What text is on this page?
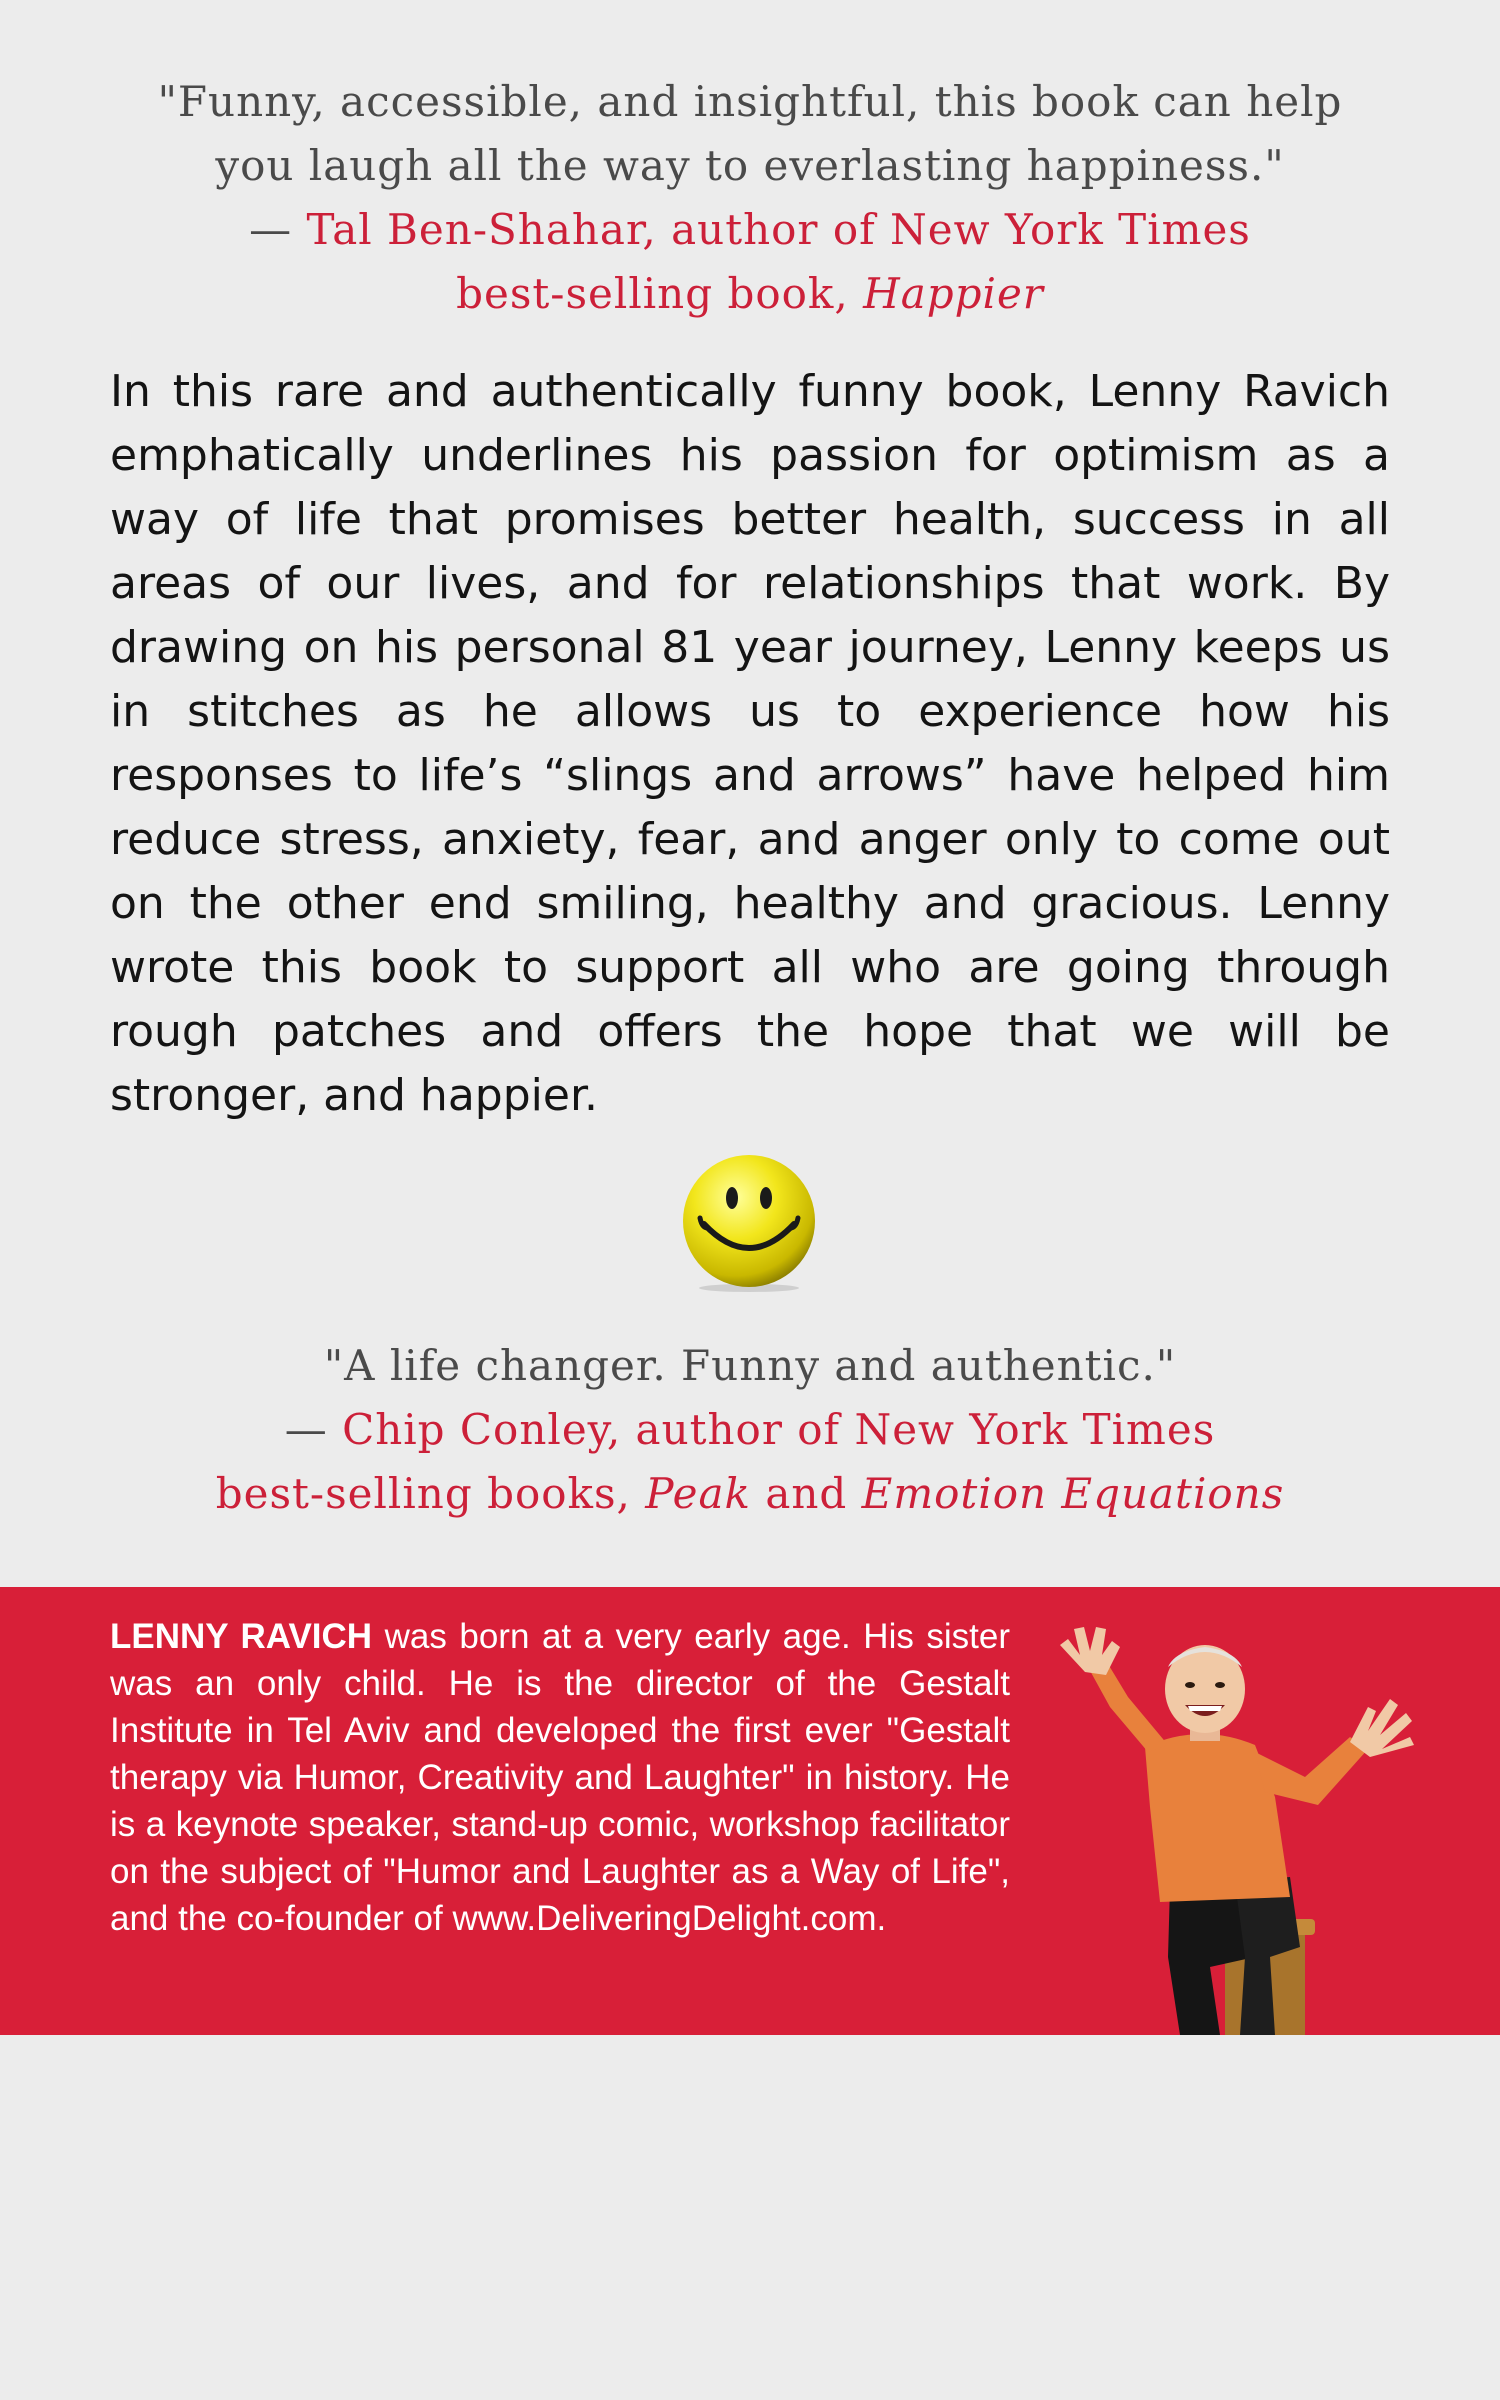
"Funny, accessible, and insightful, this book can help you laugh all the way to everlasting happiness."
— Tal Ben-Shahar, author of New York Times best-selling book, Happier
In this rare and authentically funny book, Lenny Ravich emphatically underlines his passion for optimism as a way of life that promises better health, success in all areas of our lives, and for relationships that work. By drawing on his personal 81 year journey, Lenny keeps us in stitches as he allows us to experience how his responses to life’s “slings and arrows” have helped him reduce stress, anxiety, fear, and anger only to come out on the other end smiling, healthy and gracious. Lenny wrote this book to support all who are going through rough patches and offers the hope that we will be stronger, and happier.
"A life changer. Funny and authentic."
— Chip Conley, author of New York Times
best-selling books, Peak and Emotion Equations
LENNY RAVICH was born at a very early age. His sister was an only child. He is the director of the Gestalt Institute in Tel Aviv and developed the first ever "Gestalt therapy via Humor, Creativity and Laughter" in history. He is a keynote speaker, stand-up comic, workshop facilitator on the subject of "Humor and Laughter as a Way of Life", and the co-founder of www.DeliveringDelight.com.
